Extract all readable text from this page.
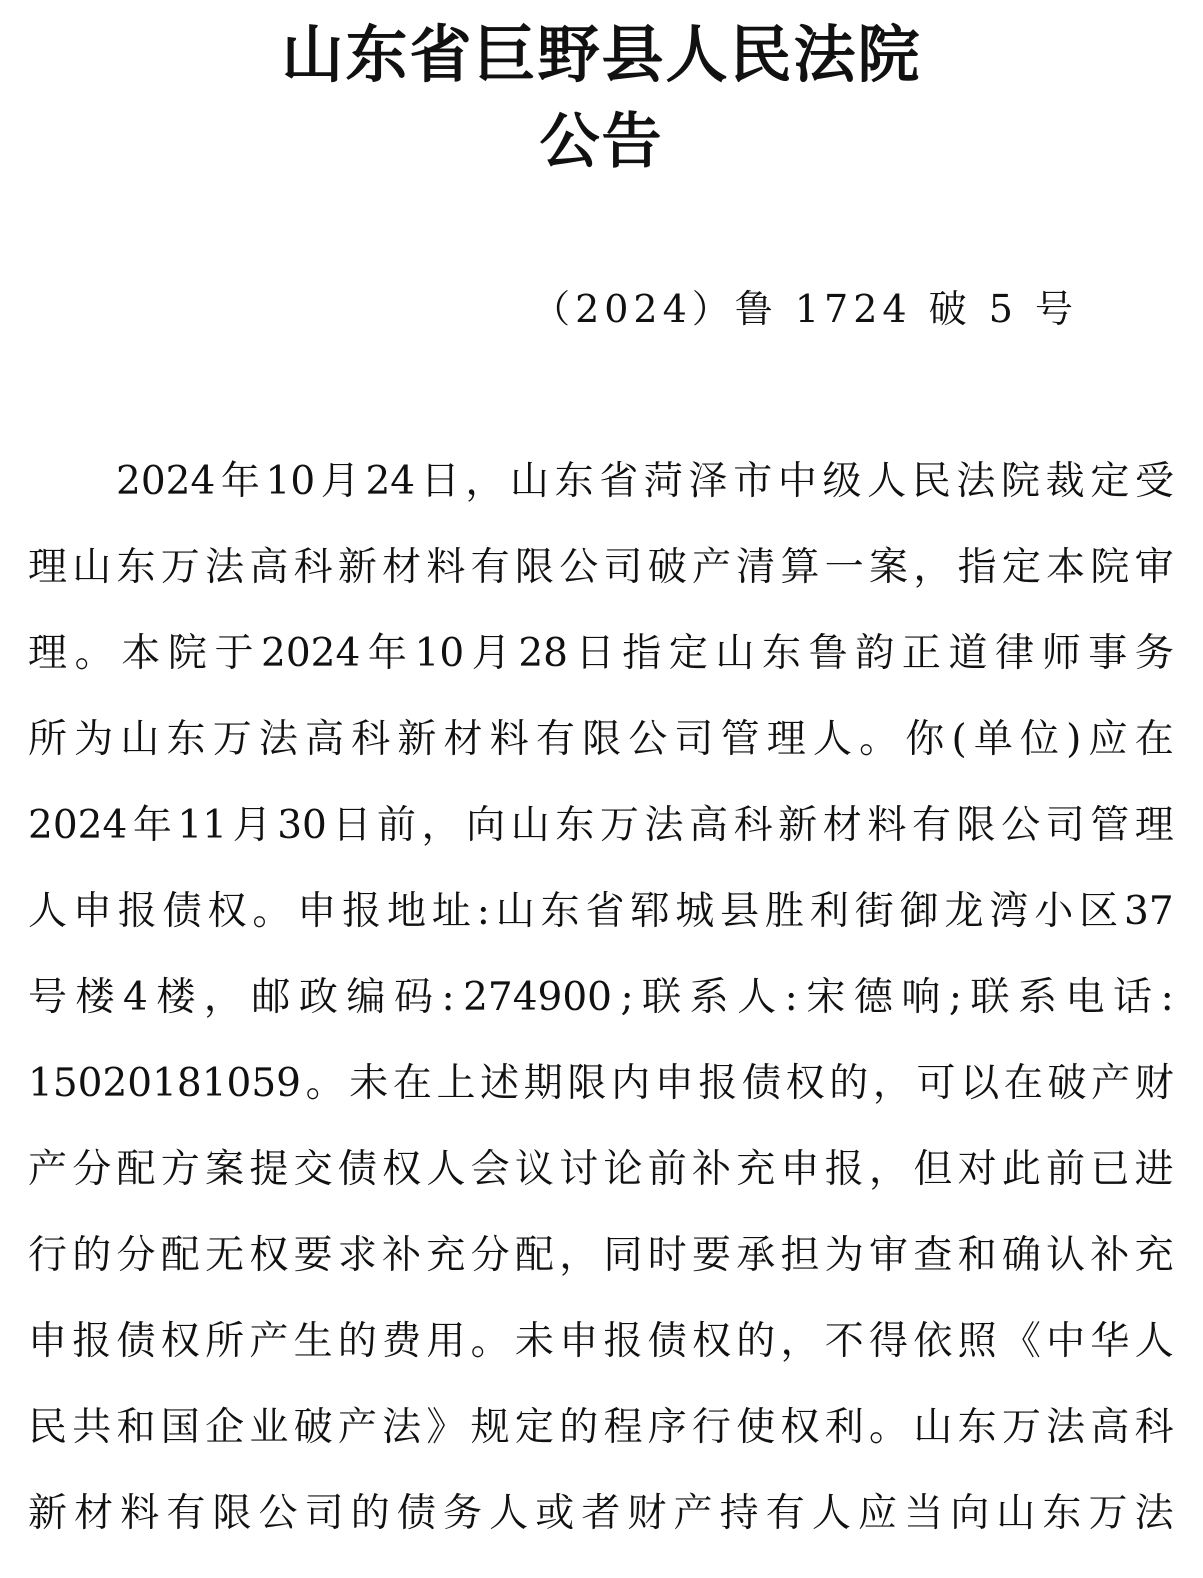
山东省巨野县人民法院
公告
（2024）鲁 1724 破 5 号
2024 年 10 月 24 日 ， 山 东 省 菏 泽 市 中 级 人 民 法 院 裁 定 受
理 山 东 万 法 高 科 新 材 料 有 限 公 司 破 产 清 算 一 案 ， 指 定 本 院 审
理 。 本 院 于 2024 年 10 月 28 日 指 定 山 东 鲁 韵 正 道 律 师 事 务
所 为 山 东 万 法 高 科 新 材 料 有 限 公 司 管 理 人 。 你 ( 单 位 ) 应 在
2024 年 11 月 30 日 前 ， 向 山 东 万 法 高 科 新 材 料 有 限 公 司 管 理
人 申 报 债 权 。 申 报 地 址 : 山 东 省 郓 城 县 胜 利 街 御 龙 湾 小 区 37
号 楼 4 楼 ， 邮 政 编 码 : 274900 ; 联 系 人 : 宋 德 响 ; 联 系 电 话 :
15020181059 。 未 在 上 述 期 限 内 申 报 债 权 的 ， 可 以 在 破 产 财
产 分 配 方 案 提 交 债 权 人 会 议 讨 论 前 补 充 申 报 ， 但 对 此 前 已 进
行 的 分 配 无 权 要 求 补 充 分 配 ， 同 时 要 承 担 为 审 查 和 确 认 补 充
申 报 债 权 所 产 生 的 费 用 。 未 申 报 债 权 的 ， 不 得 依 照 《 中 华 人
民 共 和 国 企 业 破 产 法 》 规 定 的 程 序 行 使 权 利 。 山 东 万 法 高 科
新 材 料 有 限 公 司 的 债 务 人 或 者 财 产 持 有 人 应 当 向 山 东 万 法
